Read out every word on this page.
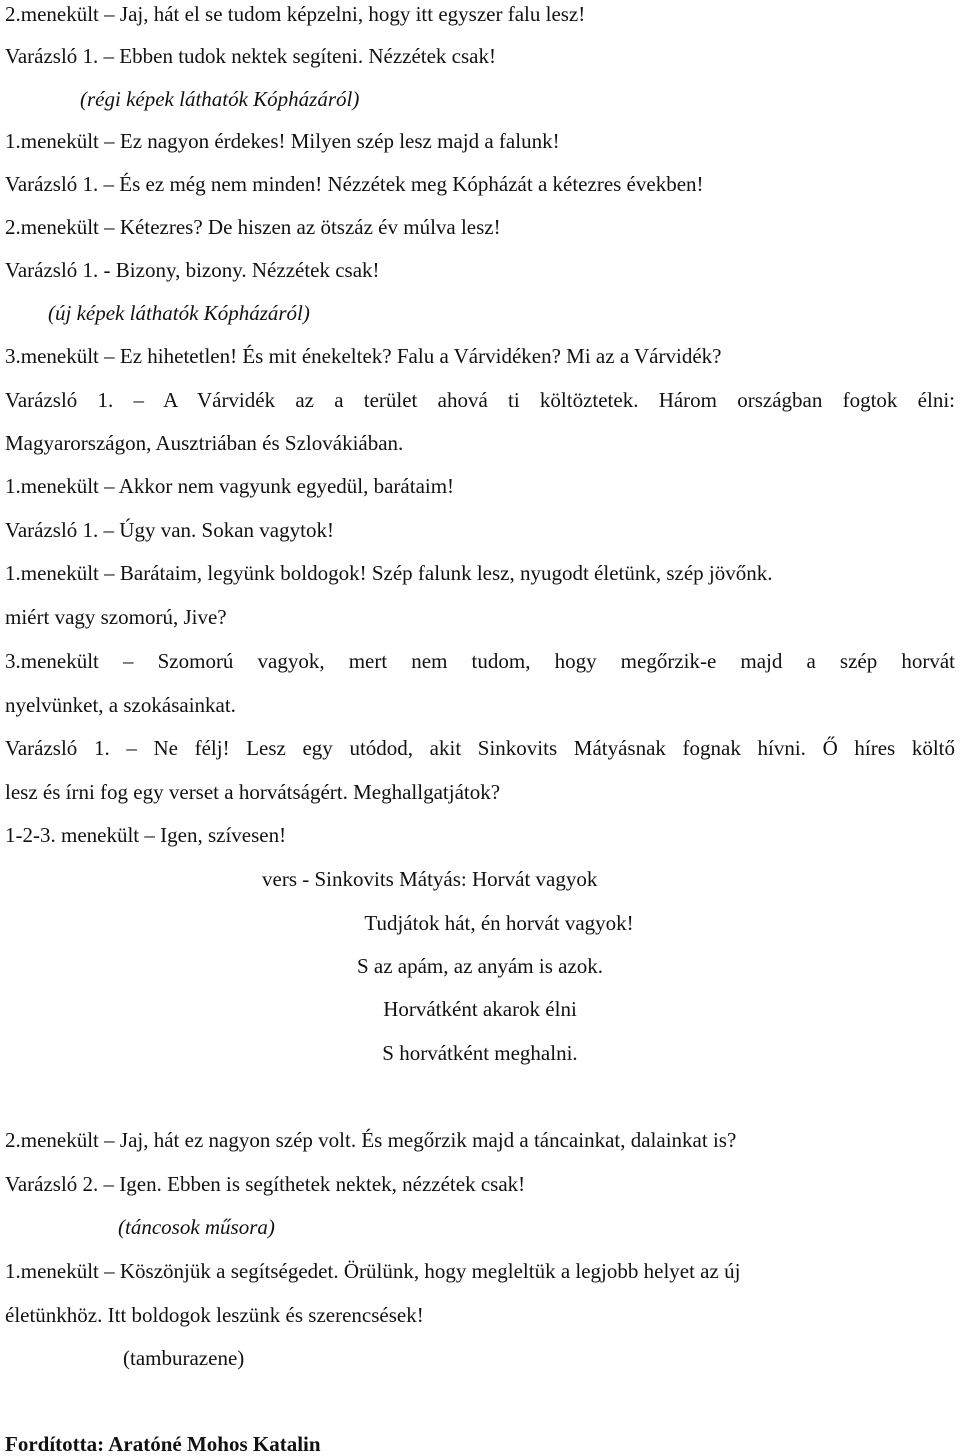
2.menekült – Jaj, hát el se tudom képzelni, hogy itt egyszer falu lesz!
Varázsló 1. – Ebben tudok nektek segíteni. Nézzétek csak!
(régi képek láthatók Kópházáról)
1.menekült – Ez nagyon érdekes! Milyen szép lesz majd a falunk!
Varázsló 1. – És ez még nem minden! Nézzétek meg Kópházát a kétezres években!
2.menekült – Kétezres? De hiszen az ötszáz év múlva lesz!
Varázsló 1. - Bizony, bizony. Nézzétek csak!
(új képek láthatók Kópházáról)
3.menekült – Ez hihetetlen! És mit énekeltek? Falu a Várvidéken? Mi az a Várvidék?
Varázsló 1. – A Várvidék az a terület ahová ti költöztetek. Három országban fogtok élni:
Magyarországon, Ausztriában és Szlovákiában.
1.menekült – Akkor nem vagyunk egyedül, barátaim!
Varázsló 1. – Úgy van. Sokan vagytok!
1.menekült – Barátaim, legyünk boldogok! Szép falunk lesz, nyugodt életünk, szép jövőnk.
miért vagy szomorú, Jive?
3.menekült – Szomorú vagyok, mert nem tudom, hogy megőrzik-e majd a szép horvát
nyelvünket, a szokásainkat.
Varázsló 1. – Ne félj! Lesz egy utódod, akit Sinkovits Mátyásnak fognak hívni. Ő híres költő
lesz és írni fog egy verset a horvátságért. Meghallgatjátok?
1-2-3. menekült – Igen, szívesen!
vers - Sinkovits Mátyás: Horvát vagyok
Tudjátok hát, én horvát vagyok!
S az apám, az anyám is azok.
Horvátként akarok élni
S horvátként meghalni.
2.menekült – Jaj, hát ez nagyon szép volt. És megőrzik majd a táncainkat, dalainkat is?
Varázsló 2. – Igen. Ebben is segíthetek nektek, nézzétek csak!
(táncosok műsora)
1.menekült – Köszönjük a segítségedet. Örülünk, hogy megleltük a legjobb helyet az új
életünkhöz. Itt boldogok leszünk és szerencsések!
(tamburazene)
Fordította: Aratóné Mohos Katalin
